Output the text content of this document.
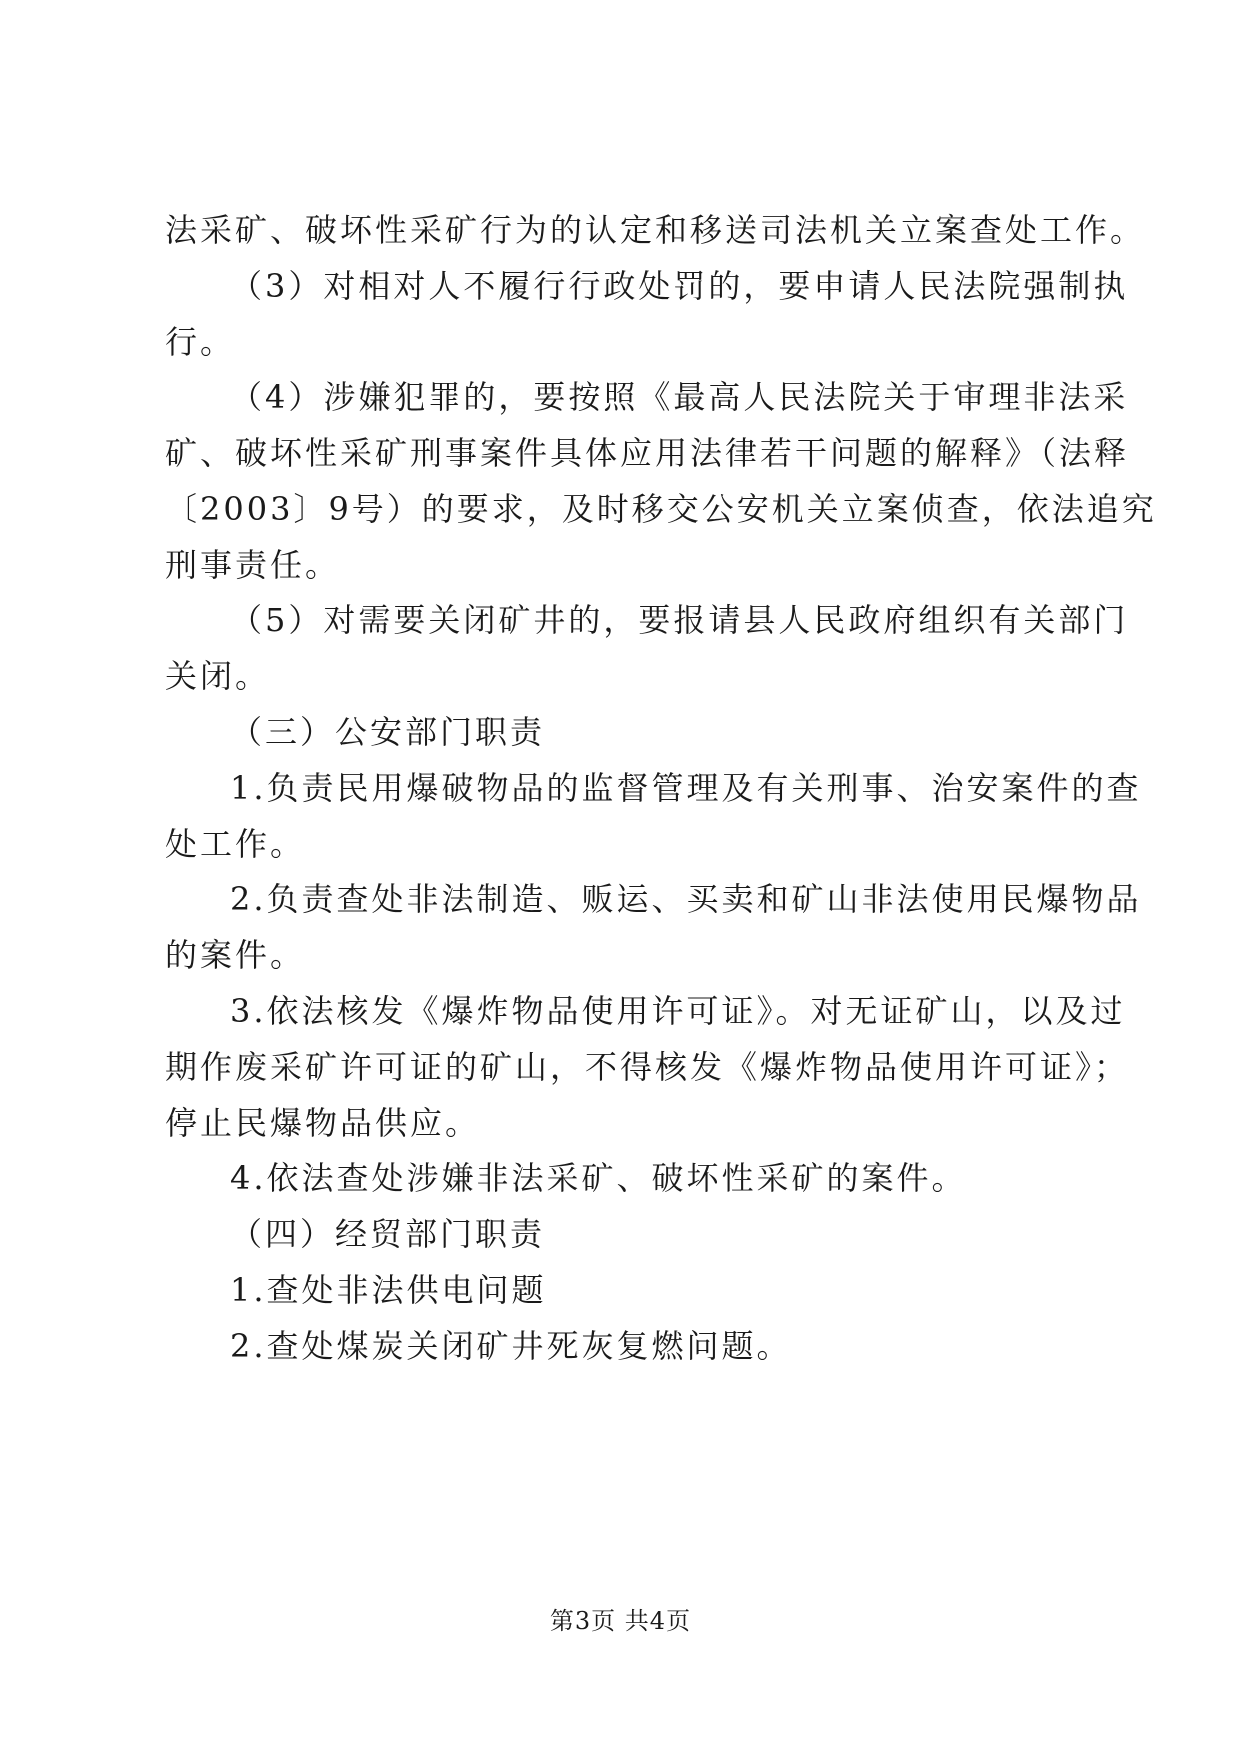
法采矿、破坏性采矿行为的认定和移送司法机关立案查处工作。
（3）对相对人不履行行政处罚的，要申请人民法院强制执
行。
（4）涉嫌犯罪的，要按照《最高人民法院关于审理非法采
矿、破坏性采矿刑事案件具体应用法律若干问题的解释》（法释
〔2003〕9号）的要求，及时移交公安机关立案侦查，依法追究
刑事责任。
（5）对需要关闭矿井的，要报请县人民政府组织有关部门
关闭。
（三）公安部门职责
1.负责民用爆破物品的监督管理及有关刑事、治安案件的查
处工作。
2.负责查处非法制造、贩运、买卖和矿山非法使用民爆物品
的案件。
3.依法核发《爆炸物品使用许可证》。对无证矿山，以及过
期作废采矿许可证的矿山，不得核发《爆炸物品使用许可证》；
停止民爆物品供应。
4.依法查处涉嫌非法采矿、破坏性采矿的案件。
（四）经贸部门职责
1.查处非法供电问题
2.查处煤炭关闭矿井死灰复燃问题。
第3页 共4页
